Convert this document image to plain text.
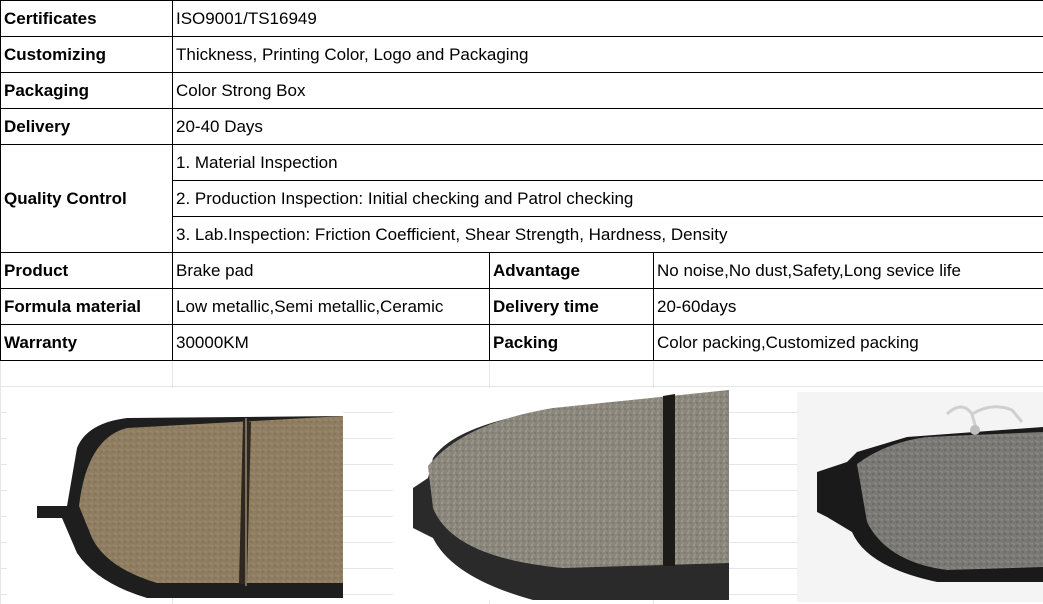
Certificates	ISO9001/TS16949		
Customizing	Thickness, Printing Color, Logo and Packaging		
Packaging	Color Strong Box		
Delivery	20-40 Days		
Quality Control	1. Material Inspection		
	2. Production Inspection: Initial checking and Patrol checking		
	3. Lab.Inspection: Friction Coefficient, Shear Strength, Hardness, Density		
Product	Brake pad	Advantage	No noise,No dust,Safety,Long sevice life
Formula material	Low metallic,Semi metallic,Ceramic	Delivery time	20-60days
Warranty	30000KM	Packing	Color packing,Customized packing
